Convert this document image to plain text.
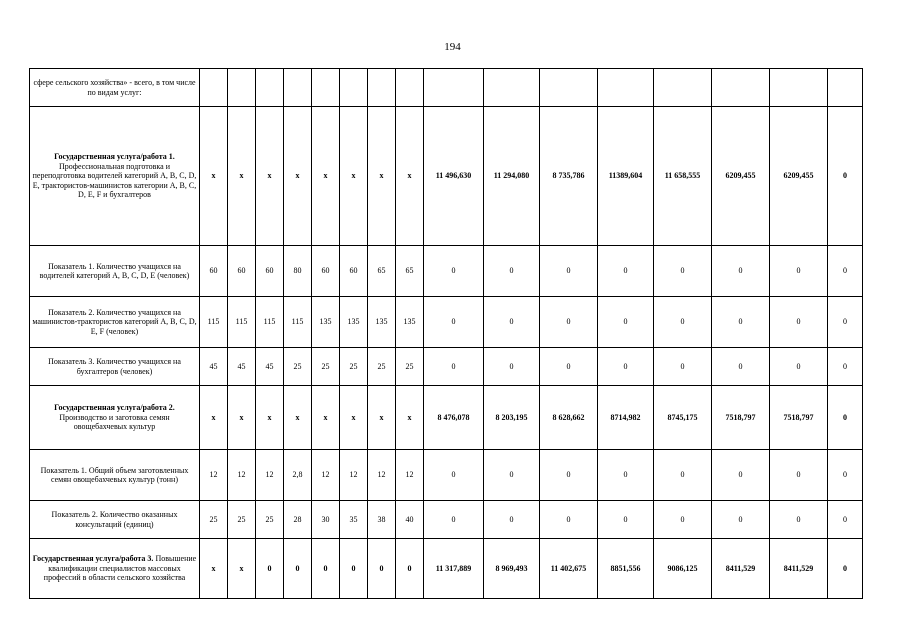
194
сфере сельского хозяйства» - всего, в том числе по видам услуг:																
Государственная услуга/работа 1. Профессиональная подготовка и переподготовка водителей категорий А, В, С, D, Е, трактористов-машинистов категории А, В, С, D, Е, F и бухгалтеров	x	x	x	x	x	x	x	x	11 496,630	11 294,080	8 735,786	11389,604	11 658,555	6209,455	6209,455	0
Показатель 1. Количество учащихся на водителей категорий А, В, С, D, Е (человек)	60	60	60	80	60	60	65	65	0	0	0	0	0	0	0	0
Показатель 2. Количество учащихся на машинистов-трактористов категорий А, В, С, D, Е, F (человек)	115	115	115	115	135	135	135	135	0	0	0	0	0	0	0	0
Показатель 3. Количество учащихся на бухгалтеров (человек)	45	45	45	25	25	25	25	25	0	0	0	0	0	0	0	0
Государственная услуга/работа 2. Производство и заготовка семян овощебахчевых культур	x	x	x	x	x	x	x	x	8 476,078	8 203,195	8 628,662	8714,982	8745,175	7518,797	7518,797	0
Показатель 1. Общий объем заготовленных семян овощебахчевых культур (тонн)	12	12	12	2,8	12	12	12	12	0	0	0	0	0	0	0	0
Показатель 2. Количество оказанных консультаций (единиц)	25	25	25	28	30	35	38	40	0	0	0	0	0	0	0	0
Государственная услуга/работа 3. Повышение квалификации специалистов массовых профессий в области сельского хозяйства	x	x	0	0	0	0	0	0	11 317,889	8 969,493	11 402,675	8851,556	9086,125	8411,529	8411,529	0
